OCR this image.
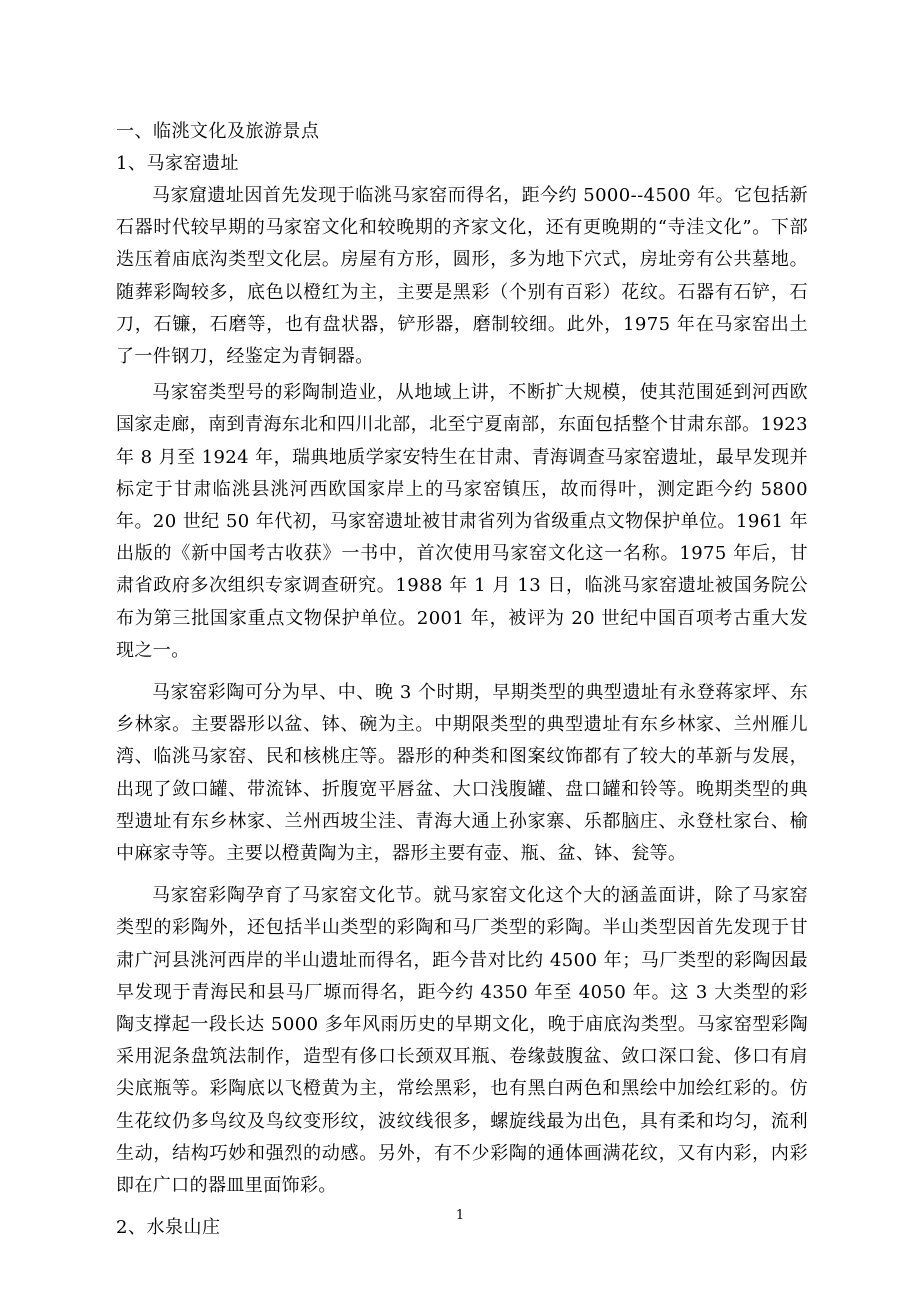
一、临洮文化及旅游景点

1、马家窑遗址

马家窟遗址因首先发现于临洮马家窑而得名，距今约 5000--4500 年。它包括新石器时代较早期的马家窑文化和较晚期的齐家文化，还有更晚期的“寺洼文化”。下部迭压着庙底沟类型文化层。房屋有方形，圆形，多为地下穴式，房址旁有公共墓地。随葬彩陶较多，底色以橙红为主，主要是黑彩（个别有百彩）花纹。石器有石铲，石刀，石镰，石磨等，也有盘状器，铲形器，磨制较细。此外，1975 年在马家窑出土了一件钢刀，经鉴定为青铜器。

马家窑类型号的彩陶制造业，从地域上讲，不断扩大规模，使其范围延到河西欧国家走廊，南到青海东北和四川北部，北至宁夏南部，东面包括整个甘肃东部。1923 年 8 月至 1924 年，瑞典地质学家安特生在甘肃、青海调查马家窑遗址，最早发现并标定于甘肃临洮县洮河西欧国家岸上的马家窑镇压，故而得叶，测定距今约 5800 年。20 世纪 50 年代初，马家窑遗址被甘肃省列为省级重点文物保护单位。1961 年出版的《新中国考古收获》一书中，首次使用马家窑文化这一名称。1975 年后，甘肃省政府多次组织专家调查研究。1988 年 1 月 13 日，临洮马家窑遗址被国务院公布为第三批国家重点文物保护单位。2001 年，被评为 20 世纪中国百项考古重大发现之一。

马家窑彩陶可分为早、中、晚 3 个时期，早期类型的典型遗址有永登蒋家坪、东乡林家。主要器形以盆、钵、碗为主。中期限类型的典型遗址有东乡林家、兰州雁儿湾、临洮马家窑、民和核桃庄等。器形的种类和图案纹饰都有了较大的革新与发展，出现了敛口罐、带流钵、折腹宽平唇盆、大口浅腹罐、盘口罐和铃等。晚期类型的典型遗址有东乡林家、兰州西坡尘洼、青海大通上孙家寨、乐都脑庄、永登杜家台、榆中麻家寺等。主要以橙黄陶为主，器形主要有壶、瓶、盆、钵、瓮等。

马家窑彩陶孕育了马家窑文化节。就马家窑文化这个大的涵盖面讲，除了马家窑类型的彩陶外，还包括半山类型的彩陶和马厂类型的彩陶。半山类型因首先发现于甘肃广河县洮河西岸的半山遗址而得名，距今昔对比约 4500 年；马厂类型的彩陶因最早发现于青海民和县马厂塬而得名，距今约 4350 年至 4050 年。这 3 大类型的彩陶支撑起一段长达 5000 多年风雨历史的早期文化，晚于庙底沟类型。马家窑型彩陶采用泥条盘筑法制作，造型有侈口长颈双耳瓶、卷缘鼓腹盆、敛口深口瓮、侈口有肩尖底瓶等。彩陶底以飞橙黄为主，常绘黑彩，也有黑白两色和黑绘中加绘红彩的。仿生花纹仍多鸟纹及鸟纹变形纹，波纹线很多，螺旋线最为出色，具有柔和均匀，流利生动，结构巧妙和强烈的动感。另外，有不少彩陶的通体画满花纹，又有内彩，内彩即在广口的器皿里面饰彩。

2、水泉山庄

1
